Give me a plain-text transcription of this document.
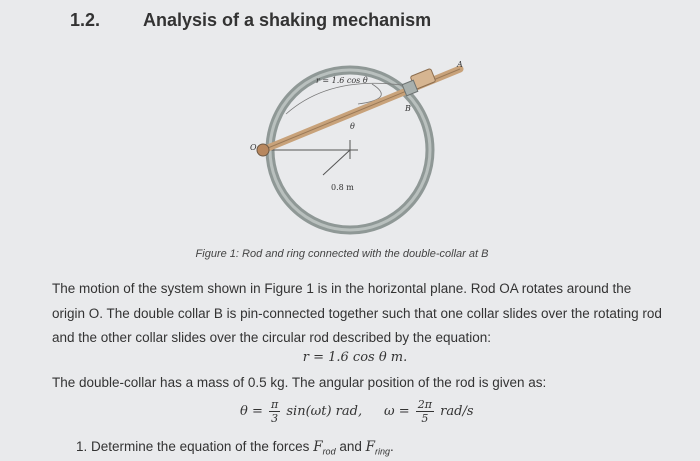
1.2. Analysis of a shaking mechanism
r = 1.6 cos θ
A
B
O
θ
0.8 m
Figure 1: Rod and ring connected with the double-collar at B
The motion of the system shown in Figure 1 is in the horizontal plane. Rod OA rotates around the origin O. The double collar B is pin-connected together such that one collar slides over the rotating rod and the other collar slides over the circular rod described by the equation:
r = 1.6 cos θ m.
The double-collar has a mass of 0.5 kg. The angular position of the rod is given as:
$\theta = \frac{\pi}{3} \sin(\omega t)$ rad, $\omega = \frac{2\pi}{5} rad/s$
1. Determine the equation of the forces $F_{rod}$ and $F_{ring}$.
